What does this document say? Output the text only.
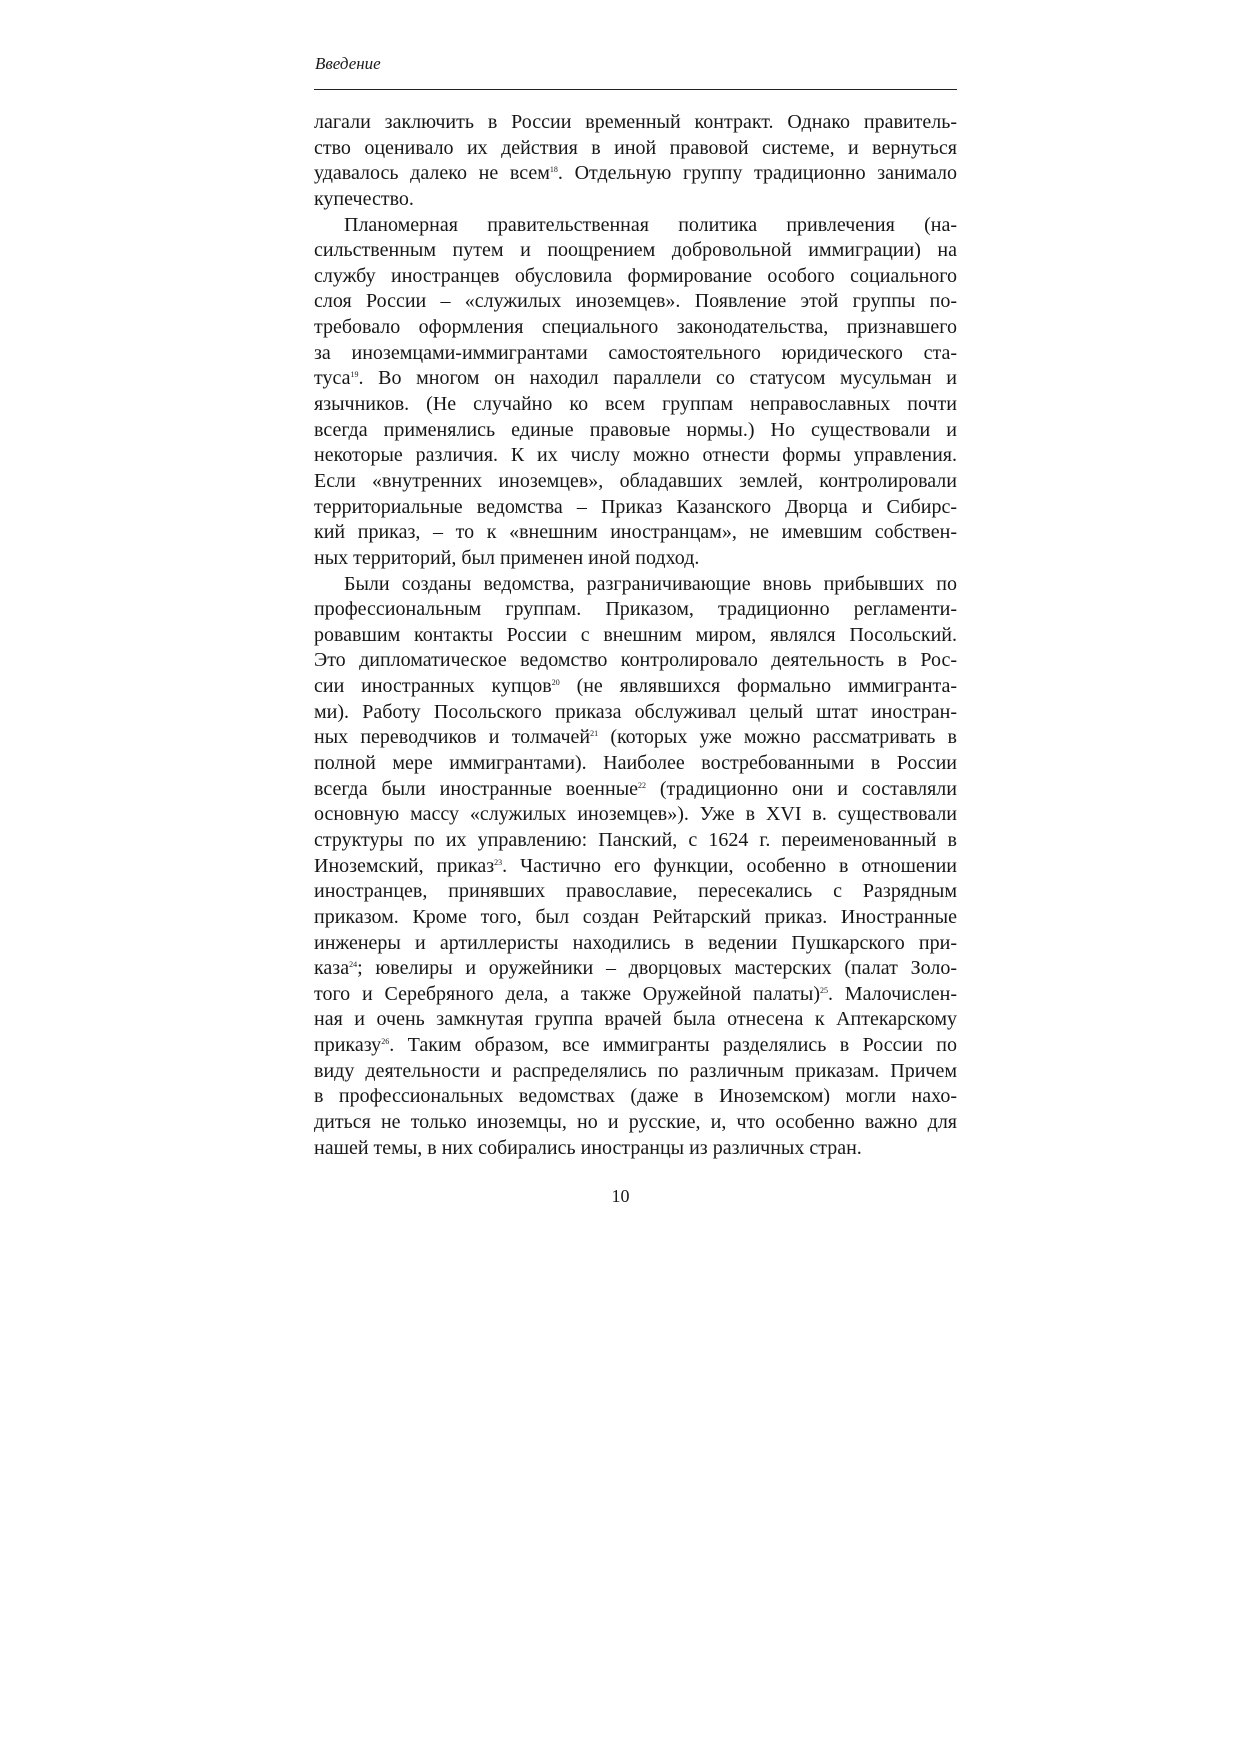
Введение
лагали заключить в России временный контракт. Однако правитель-
ство оценивало их действия в иной правовой системе, и вернуться
удавалось далеко не всем$^{18}$. Отдельную группу традиционно занимало
купечество.
Планомерная правительственная политика привлечения (на-
сильственным путем и поощрением добровольной иммиграции) на
службу иностранцев обусловила формирование особого социального
слоя России – «служилых иноземцев». Появление этой группы по-
требовало оформления специального законодательства, признавшего
за иноземцами-иммигрантами самостоятельного юридического ста-
туса$^{19}$. Во многом он находил параллели со статусом мусульман и
язычников. (Не случайно ко всем группам неправославных почти
всегда применялись единые правовые нормы.) Но существовали и
некоторые различия. К их числу можно отнести формы управления.
Если «внутренних иноземцев», обладавших землей, контролировали
территориальные ведомства – Приказ Казанского Дворца и Сибирс-
кий приказ, – то к «внешним иностранцам», не имевшим собствен-
ных территорий, был применен иной подход.
Были созданы ведомства, разграничивающие вновь прибывших по
профессиональным группам. Приказом, традиционно регламенти-
ровавшим контакты России с внешним миром, являлся Посольский.
Это дипломатическое ведомство контролировало деятельность в Рос-
сии иностранных купцов$^{20}$ (не являвшихся формально иммигранта-
ми). Работу Посольского приказа обслуживал целый штат иностран-
ных переводчиков и толмачей$^{21}$ (которых уже можно рассматривать в
полной мере иммигрантами). Наиболее востребованными в России
всегда были иностранные военные$^{22}$ (традиционно они и составляли
основную массу «служилых иноземцев»). Уже в XVI в. существовали
структуры по их управлению: Панский, с 1624 г. переименованный в
Иноземский, приказ$^{23}$. Частично его функции, особенно в отношении
иностранцев, принявших православие, пересекались с Разрядным
приказом. Кроме того, был создан Рейтарский приказ. Иностранные
инженеры и артиллеристы находились в ведении Пушкарского при-
каза$^{24}$; ювелиры и оружейники – дворцовых мастерских (палат Золо-
того и Серебряного дела, а также Оружейной палаты)$^{25}$. Малочислен-
ная и очень замкнутая группа врачей была отнесена к Аптекарскому
приказу$^{26}$. Таким образом, все иммигранты разделялись в России по
виду деятельности и распределялись по различным приказам. Причем
в профессиональных ведомствах (даже в Иноземском) могли нахо-
диться не только иноземцы, но и русские, и, что особенно важно для
нашей темы, в них собирались иностранцы из различных стран.
10
